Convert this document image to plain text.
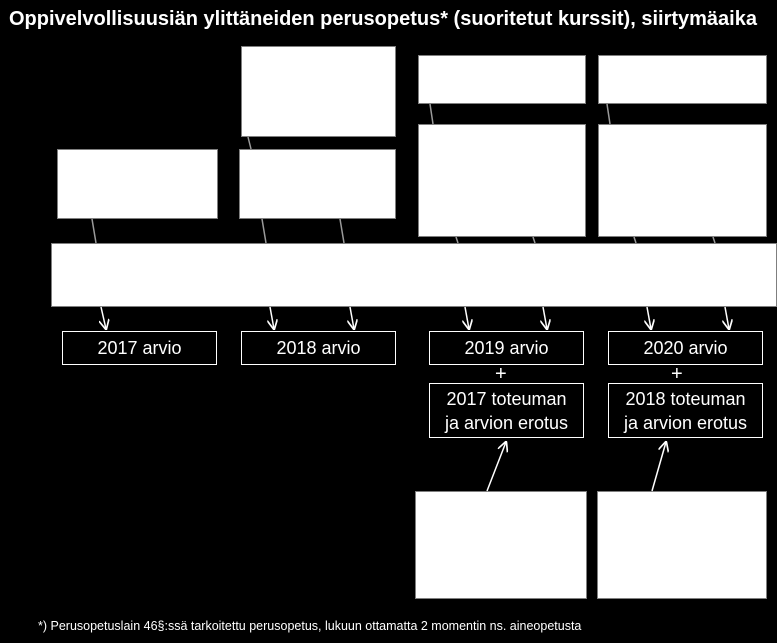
Oppivelvollisuusiän ylittäneiden perusopetus* (suoritetut kurssit), siirtymäaika
2017 arvio	2018 arvio	2019 arvio	2020 arvio
+	+
2017 toteuman
ja arvion erotus
2018 toteuman
ja arvion erotus
*) Perusopetuslain 46§:ssä tarkoitettu perusopetus, lukuun ottamatta 2 momentin ns. aineopetusta
